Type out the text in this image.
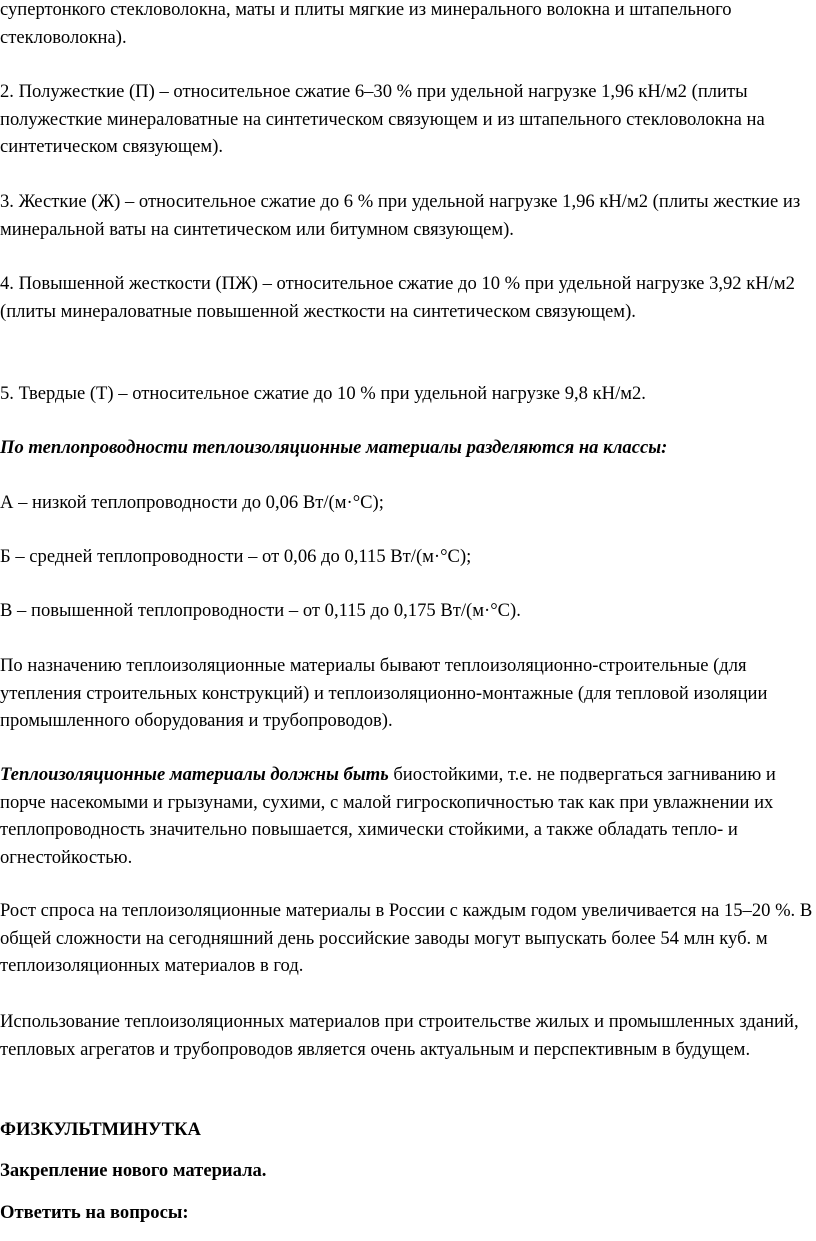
супертонкого стекловолокна, маты и плиты мягкие из минерального волокна и штапельного стекловолокна).

2. Полужесткие (П) – относительное сжатие 6–30 % при удельной нагрузке 1,96 кН/м2 (плиты полужесткие минераловатные на синтетическом связующем и из штапельного стекловолокна на синтетическом связующем).

3. Жесткие (Ж) – относительное сжатие до 6 % при удельной нагрузке 1,96 кН/м2 (плиты жесткие из минеральной ваты на синтетическом или битумном связующем).

4. Повышенной жесткости (ПЖ) – относительное сжатие до 10 % при удельной нагрузке 3,92 кН/м2 (плиты минераловатные повышенной жесткости на синтетическом связующем).

5. Твердые (Т) – относительное сжатие до 10 % при удельной нагрузке 9,8 кН/м2.

По теплопроводности теплоизоляционные материалы разделяются на классы:

А – низкой теплопроводности до 0,06 Вт/(м·°С);

Б – средней теплопроводности – от 0,06 до 0,115 Вт/(м·°С);

В – повышенной теплопроводности – от 0,115 до 0,175 Вт/(м·°С).

По назначению теплоизоляционные материалы бывают теплоизоляционно-строительные (для утепления строительных конструкций) и теплоизоляционно-монтажные (для тепловой изоляции промышленного оборудования и трубопроводов).

Теплоизоляционные материалы должны быть биостойкими, т.е. не подвергаться загниванию и порче насекомыми и грызунами, сухими, с малой гигроскопичностью так как при увлажнении их теплопроводность значительно повышается, химически стойкими, а также обладать тепло- и огнестойкостью.

Рост спроса на теплоизоляционные материалы в России с каждым годом увеличивается на 15–20 %. В общей сложности на сегодняшний день российские заводы могут выпускать более 54 млн куб. м теплоизоляционных материалов в год.

Использование теплоизоляционных материалов при строительстве жилых и промышленных зданий, тепловых агрегатов и трубопроводов является очень актуальным и перспективным в будущем.

ФИЗКУЛЬТМИНУТКА

Закрепление нового материала.

Ответить на вопросы:
